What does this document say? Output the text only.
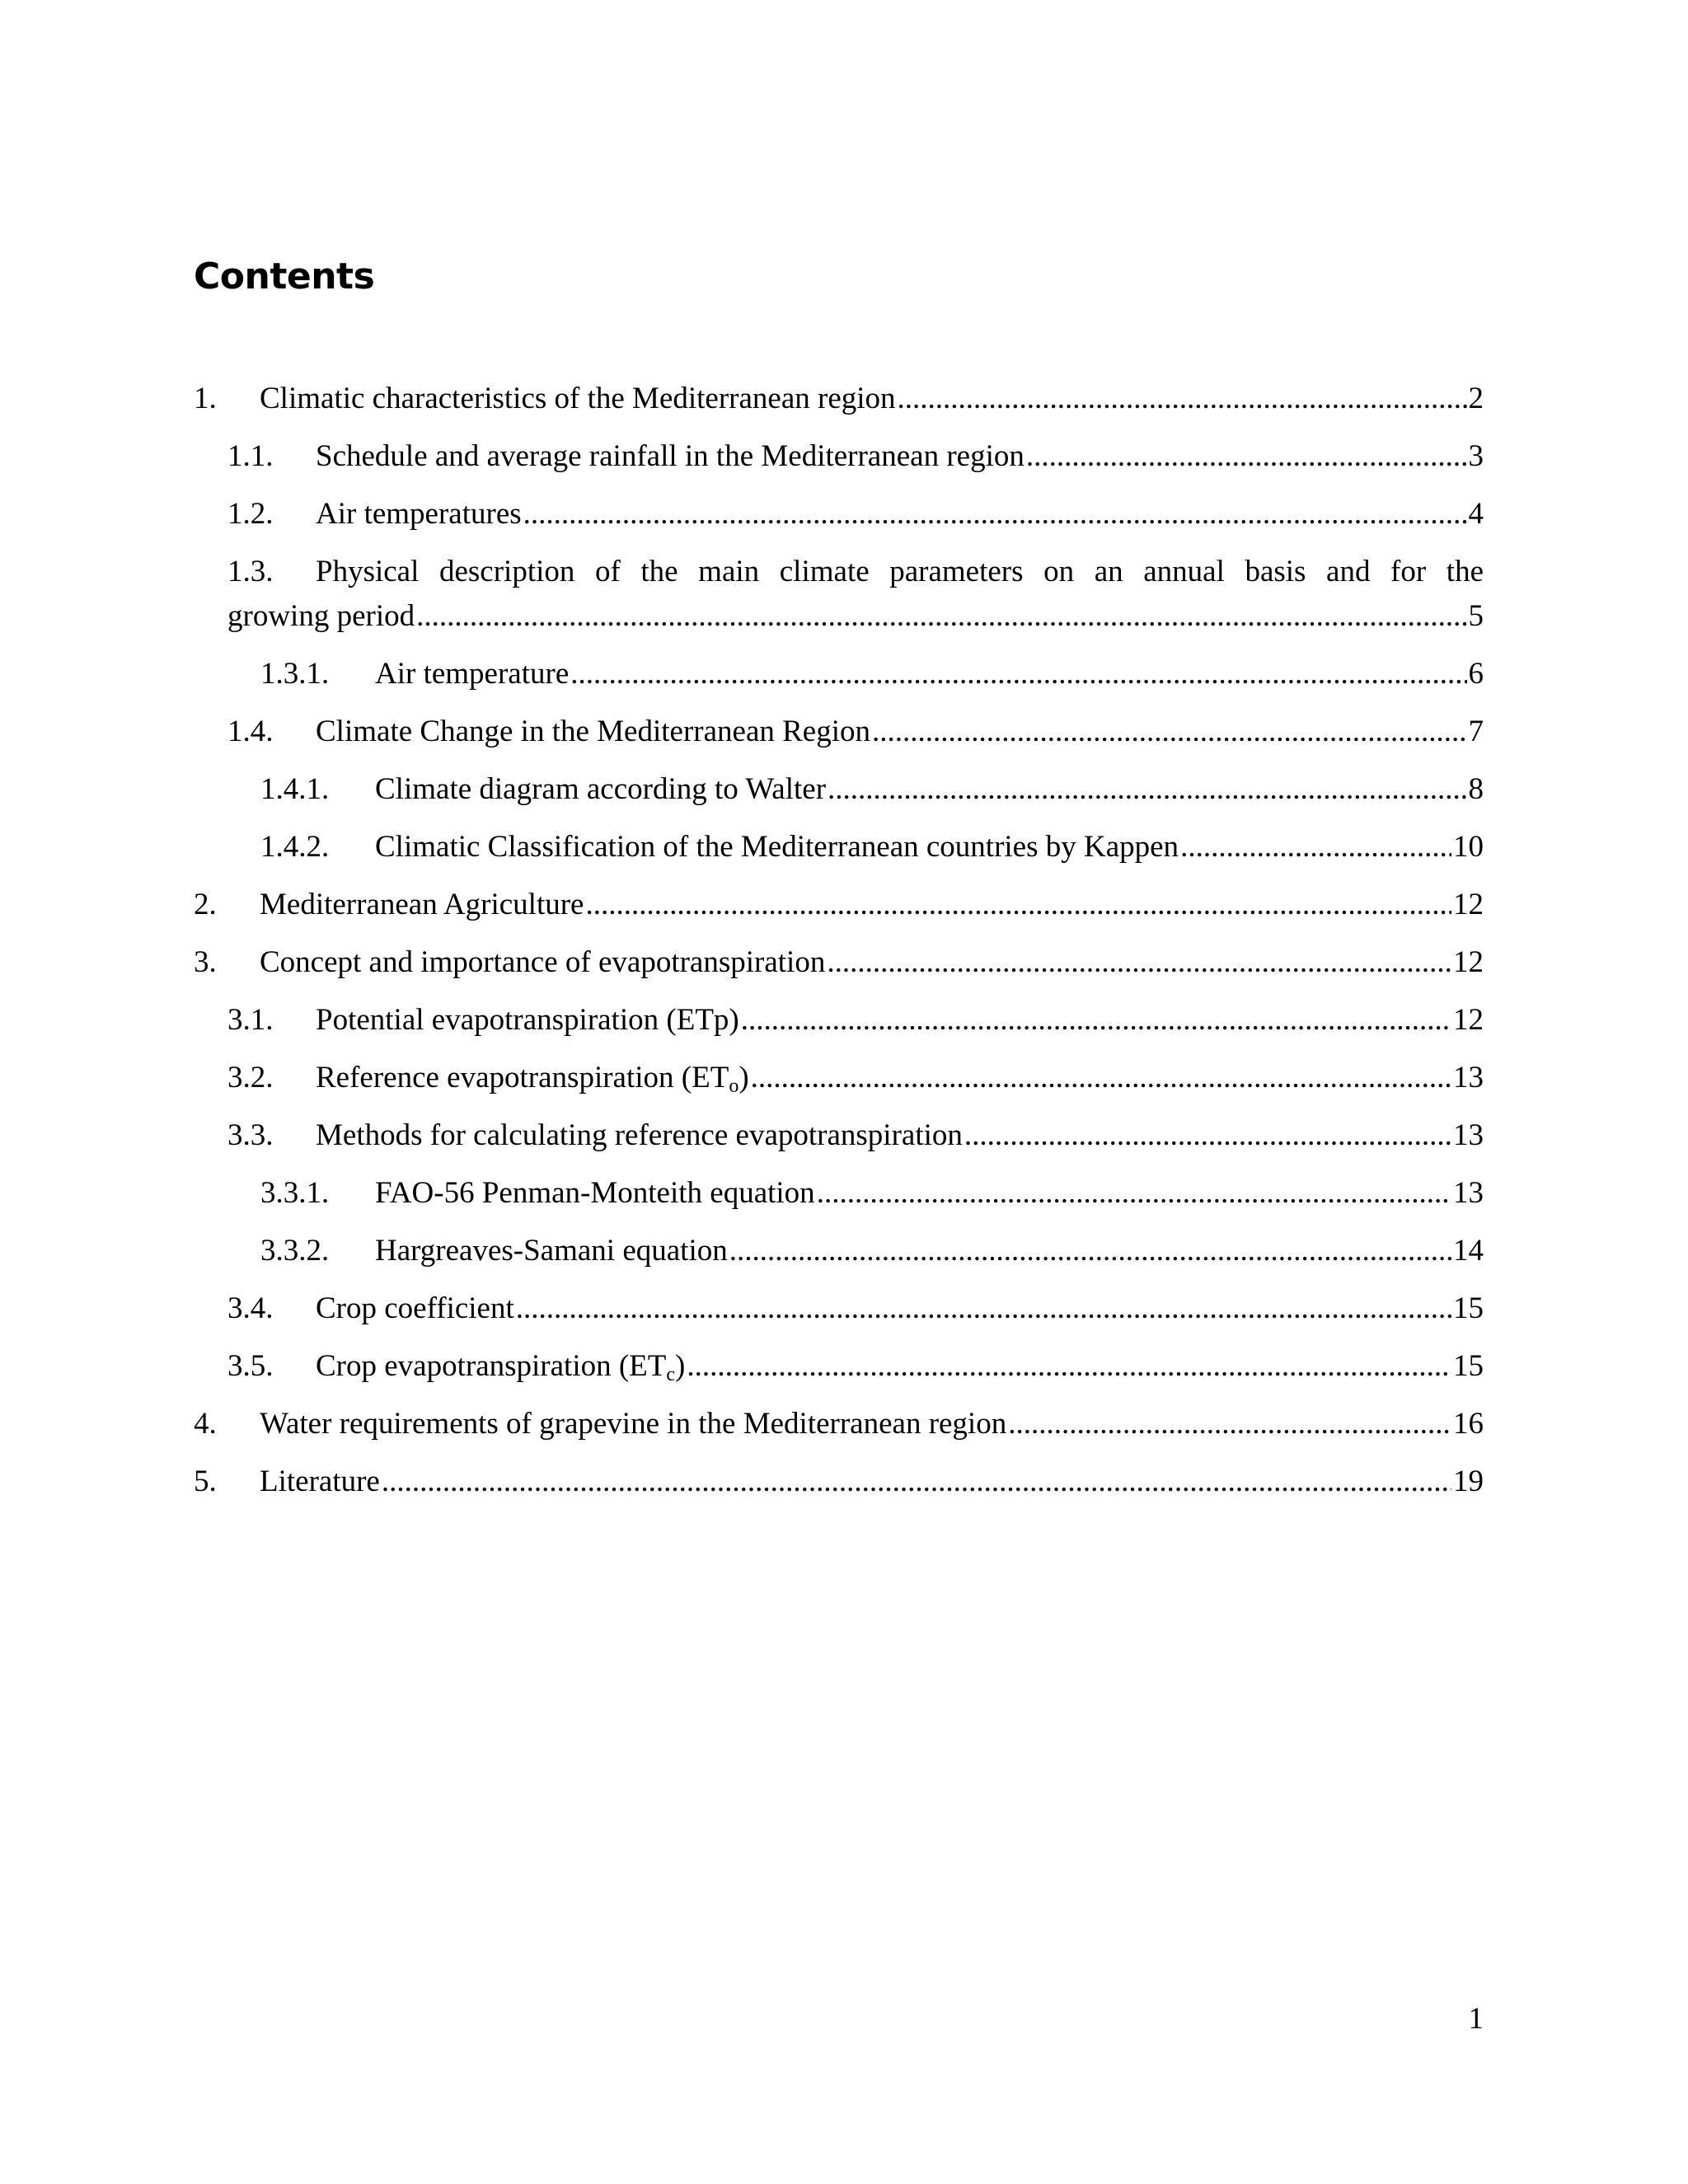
Contents
1. Climatic characteristics of the Mediterranean region .....	2
1.1. Schedule and average rainfall in the Mediterranean region .....	3
1.2. Air temperatures .....	4
1.3. Physical description of the main climate parameters on an annual basis and for the
growing period .....	5
1.3.1. Air temperature .....	6
1.4. Climate Change in the Mediterranean Region .....	7
1.4.1. Climate diagram according to Walter .....	8
1.4.2. Climatic Classification of the Mediterranean countries by Kappen .....	10
2. Mediterranean Agriculture .....	12
3. Concept and importance of evapotranspiration .....	12
3.1. Potential evapotranspiration (ETp) .....	12
3.2. Reference evapotranspiration (ETo) .....	13
3.3. Methods for calculating reference evapotranspiration .....	13
3.3.1. FAO-56 Penman-Monteith equation .....	13
3.3.2. Hargreaves-Samani equation .....	14
3.4. Crop coefficient .....	15
3.5. Crop evapotranspiration (ETc) .....	15
4. Water requirements of grapevine in the Mediterranean region .....	16
5. Literature .....	19
1
